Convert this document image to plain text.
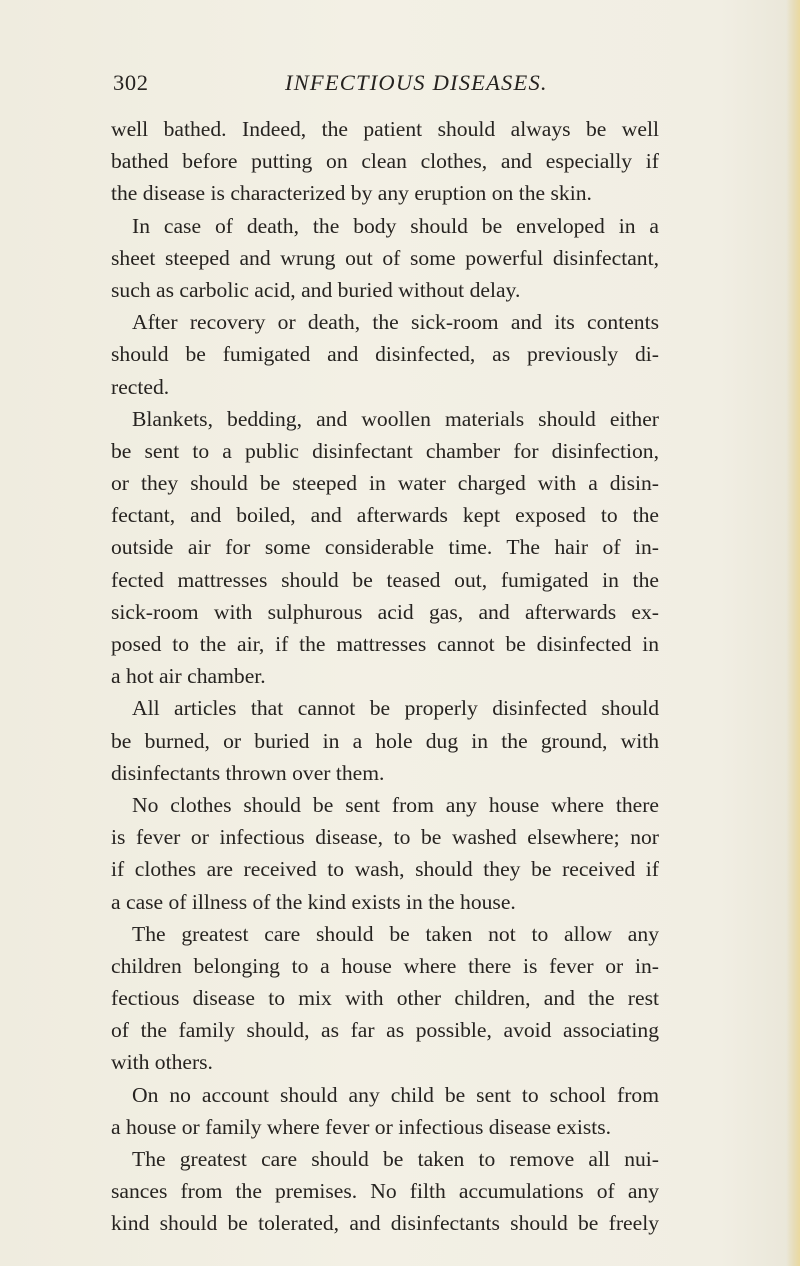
302	INFECTIOUS DISEASES.
well bathed. Indeed, the patient should always be well
bathed before putting on clean clothes, and especially if
the disease is characterized by any eruption on the skin.
In case of death, the body should be enveloped in a
sheet steeped and wrung out of some powerful disinfectant,
such as carbolic acid, and buried without delay.
After recovery or death, the sick-room and its contents
should be fumigated and disinfected, as previously di-
rected.
Blankets, bedding, and woollen materials should either
be sent to a public disinfectant chamber for disinfection,
or they should be steeped in water charged with a disin-
fectant, and boiled, and afterwards kept exposed to the
outside air for some considerable time. The hair of in-
fected mattresses should be teased out, fumigated in the
sick-room with sulphurous acid gas, and afterwards ex-
posed to the air, if the mattresses cannot be disinfected in
a hot air chamber.
All articles that cannot be properly disinfected should
be burned, or buried in a hole dug in the ground, with
disinfectants thrown over them.
No clothes should be sent from any house where there
is fever or infectious disease, to be washed elsewhere; nor
if clothes are received to wash, should they be received if
a case of illness of the kind exists in the house.
The greatest care should be taken not to allow any
children belonging to a house where there is fever or in-
fectious disease to mix with other children, and the rest
of the family should, as far as possible, avoid associating
with others.
On no account should any child be sent to school from
a house or family where fever or infectious disease exists.
The greatest care should be taken to remove all nui-
sances from the premises. No filth accumulations of any
kind should be tolerated, and disinfectants should be freely
